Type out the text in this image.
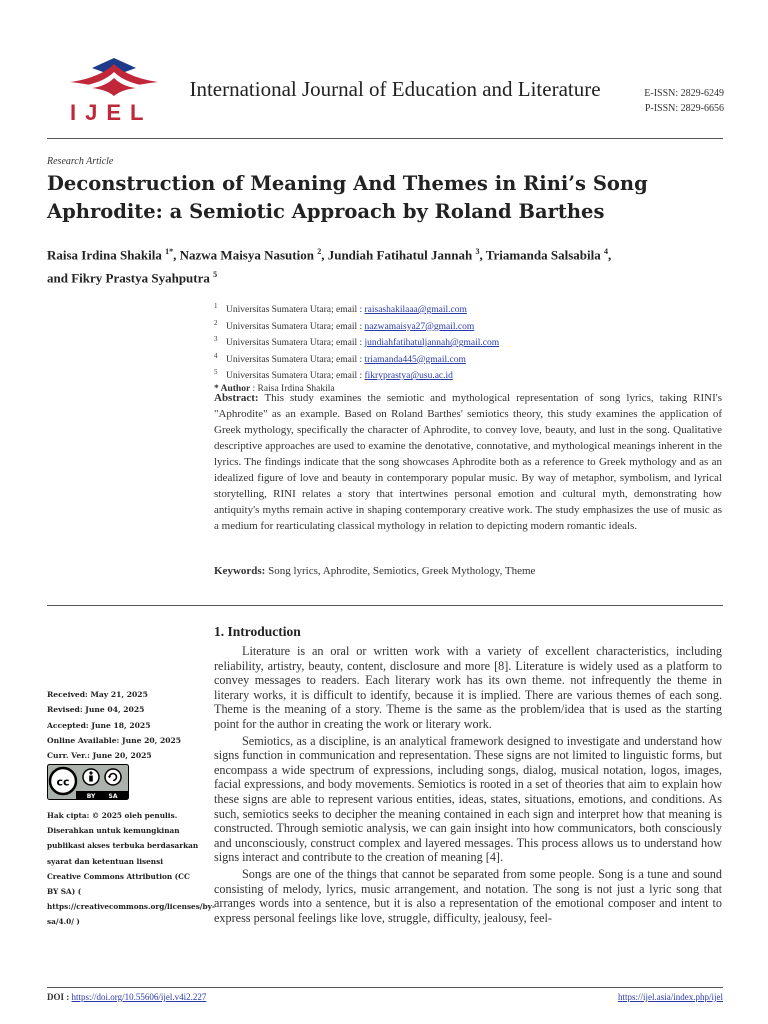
IJEL
International Journal of Education and Literature	E-ISSN: 2829-6249
P-ISSN: 2829-6656
Research Article
Deconstruction of Meaning And Themes in Rini’s Song Aphrodite: a Semiotic Approach by Roland Barthes
Raisa Irdina Shakila $^{1*}$, Nazwa Maisya Nasution $^2$, Jundiah Fatihatul Jannah $^3$, Triamanda Salsabila $^4$,
and Fikry Prastya Syahputra $^5$
$^1$ Universitas Sumatera Utara; email : raisashakilaaa@gmail.com
$^2$ Universitas Sumatera Utara; email : nazwamaisya27@gmail.com
$^3$ Universitas Sumatera Utara; email : jundiahfatihatuljannah@gmail.com
$^4$ Universitas Sumatera Utara; email : triamanda445@gmail.com
$^5$ Universitas Sumatera Utara; email : fikryprastya@usu.ac.id
* Author : Raisa Irdina Shakila
Abstract: This study examines the semiotic and mythological representation of song lyrics, taking RINI's "Aphrodite" as an example. Based on Roland Barthes' semiotics theory, this study examines the application of Greek mythology, specifically the character of Aphrodite, to convey love, beauty, and lust in the song. Qualitative descriptive approaches are used to examine the denotative, connotative, and mythological meanings inherent in the lyrics. The findings indicate that the song showcases Aphrodite both as a reference to Greek mythology and as an idealized figure of love and beauty in contemporary popular music. By way of metaphor, symbolism, and lyrical storytelling, RINI relates a story that intertwines personal emotion and cultural myth, demonstrating how antiquity's myths remain active in shaping contemporary creative work. The study emphasizes the use of music as a medium for rearticulating classical mythology in relation to depicting modern romantic ideals.
Keywords: Song lyrics, Aphrodite, Semiotics, Greek Mythology, Theme
1. Introduction

Literature is an oral or written work with a variety of excellent characteristics, including reliability, artistry, beauty, content, disclosure and more [8]. Literature is widely used as a platform to convey messages to readers. Each literary work has its own theme. not infrequently the theme in literary works, it is difficult to identify, because it is implied. There are various themes of each song. Theme is the meaning of a story. Theme is the same as the problem/idea that is used as the starting point for the author in creating the work or literary work.

Semiotics, as a discipline, is an analytical framework designed to investigate and understand how signs function in communication and representation. These signs are not limited to linguistic forms, but encompass a wide spectrum of expressions, including songs, dialog, musical notation, logos, images, facial expressions, and body movements. Semiotics is rooted in a set of theories that aim to explain how these signs are able to represent various entities, ideas, states, situations, emotions, and conditions. As such, semiotics seeks to decipher the meaning contained in each sign and interpret how that meaning is constructed. Through semiotic analysis, we can gain insight into how communicators, both consciously and unconsciously, construct complex and layered messages. This process allows us to understand how signs interact and contribute to the creation of meaning [4].

Songs are one of the things that cannot be separated from some people. Song is a tune and sound consisting of melody, lyrics, music arrangement, and notation. The song is not just a lyric song that arranges words into a sentence, but it is also a representation of the emotional composer and intent to express personal feelings like love, struggle, difficulty, jealousy, feel-

Received: May 21, 2025
Revised: June 04, 2025
Accepted: June 18, 2025
Online Available: June 20, 2025
Curr. Ver.: June 20, 2025
cc
BY SA
Hak cipta: © 2025 oleh penulis. Diserahkan untuk kemungkinan publikasi akses terbuka berdasarkan syarat dan ketentuan lisensi Creative Commons Attribution (CC BY SA) ( https://creativecommons.org/licenses/by-sa/4.0/ )
DOI : https://doi.org/10.55606/ijel.v4i2.227	https://ijel.asia/index.php/ijel
